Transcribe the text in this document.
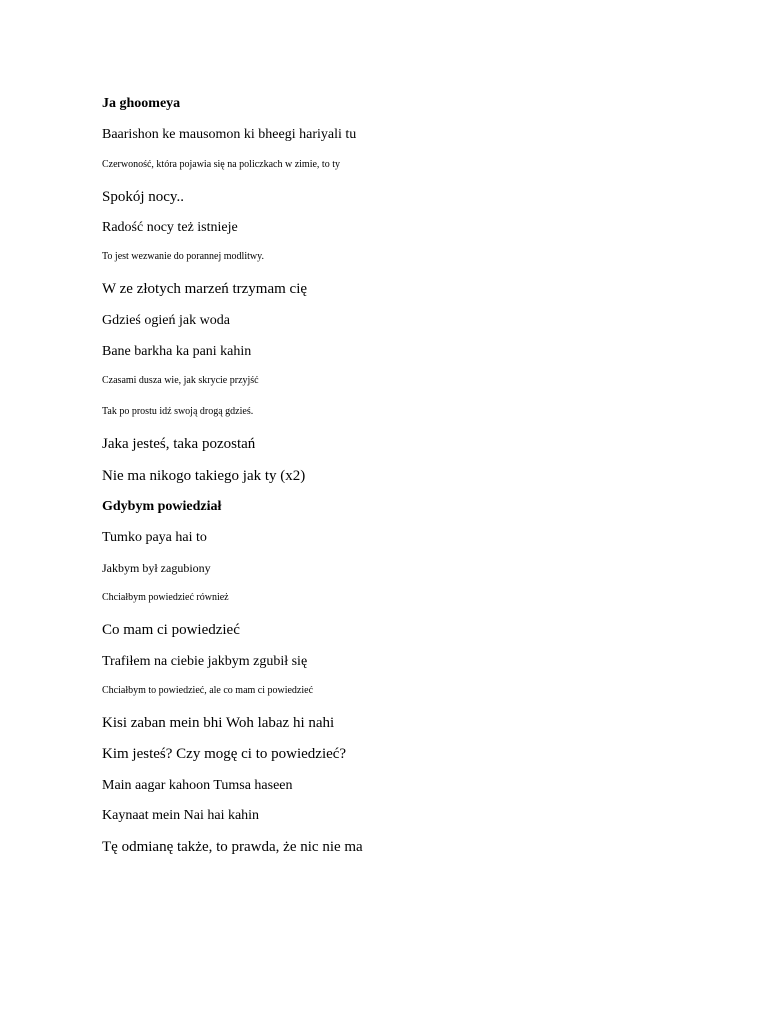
Ja ghoomeya
Baarishon ke mausomon ki bheegi hariyali tu
Czerwoność, która pojawia się na policzkach w zimie, to ty
Spokój nocy..
Radość nocy też istnieje
To jest wezwanie do porannej modlitwy.
W ze złotych marzeń trzymam cię
Gdzieś ogień jak woda
Bane barkha ka pani kahin
Czasami dusza wie, jak skrycie przyjść
Tak po prostu idź swoją drogą gdzieś.
Jaka jesteś, taka pozostań
Nie ma nikogo takiego jak ty (x2)
Gdybym powiedział
Tumko paya hai to
Jakbym był zagubiony
Chciałbym powiedzieć również
Co mam ci powiedzieć
Trafiłem na ciebie jakbym zgubił się
Chciałbym to powiedzieć, ale co mam ci powiedzieć
Kisi zaban mein bhi Woh labaz hi nahi
Kim jesteś? Czy mogę ci to powiedzieć?
Main aagar kahoon Tumsa haseen
Kaynaat mein Nai hai kahin
Tę odmianę także, to prawda, że nic nie ma
